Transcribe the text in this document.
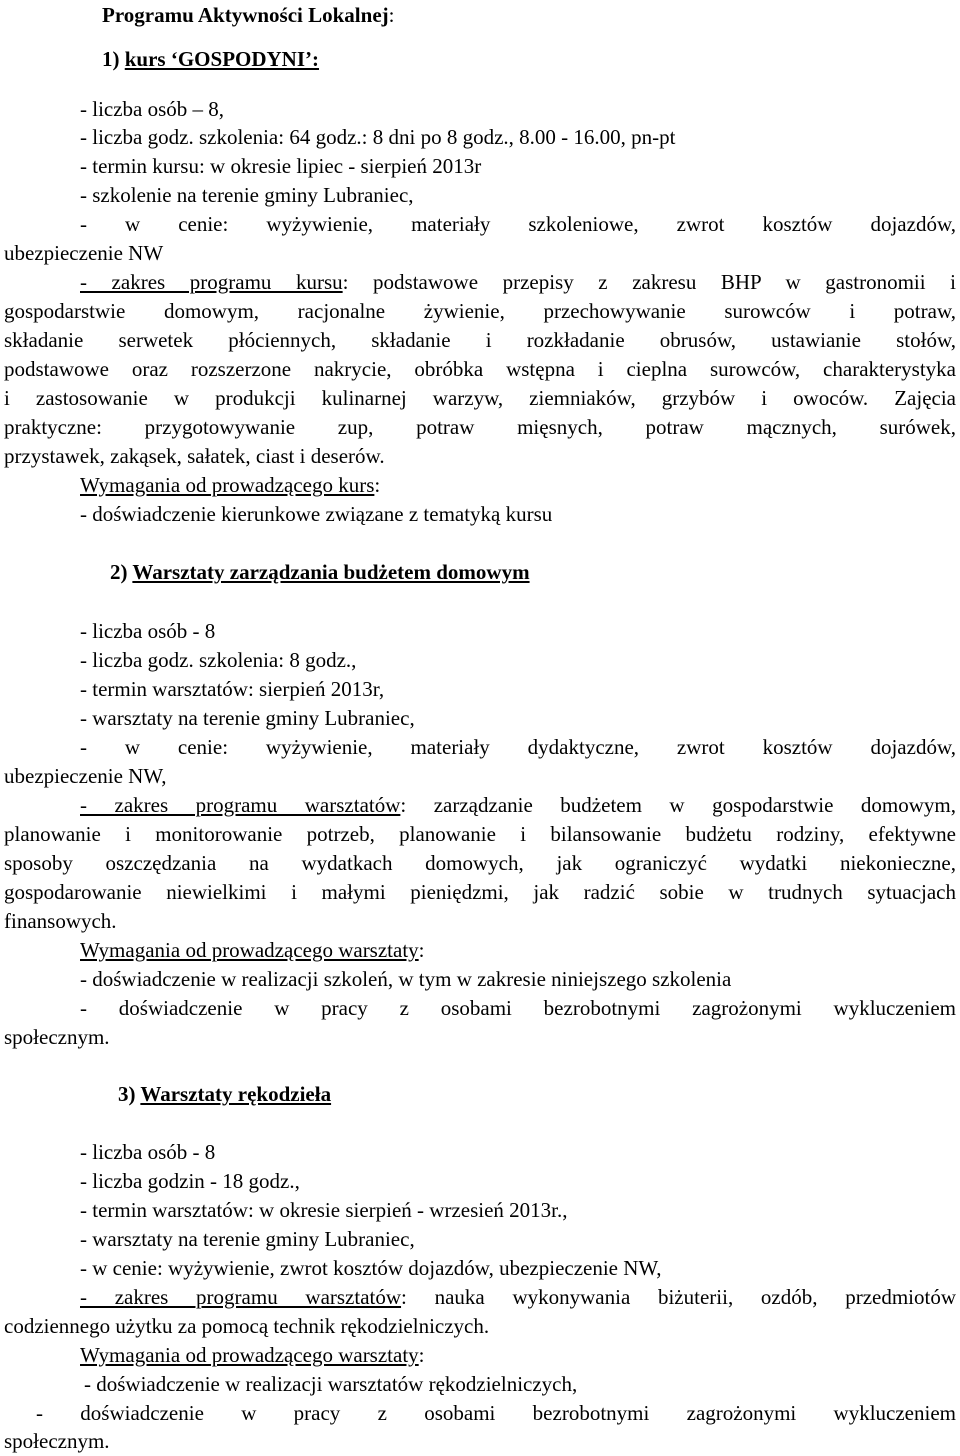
Programu Aktywności Lokalnej:
1) kurs ‘GOSPODYNI’:
- liczba osób – 8,
- liczba godz. szkolenia: 64 godz.: 8 dni po 8 godz., 8.00 - 16.00, pn-pt
- termin kursu: w okresie lipiec - sierpień 2013r
- szkolenie na terenie gminy Lubraniec,
- w cenie: wyżywienie, materiały szkoleniowe, zwrot kosztów dojazdów,
ubezpieczenie NW
- zakres programu kursu: podstawowe przepisy z zakresu BHP w gastronomii i
gospodarstwie domowym, racjonalne żywienie, przechowywanie surowców i potraw,
składanie serwetek płóciennych, składanie i rozkładanie obrusów, ustawianie stołów,
podstawowe oraz rozszerzone nakrycie, obróbka wstępna i cieplna surowców, charakterystyka
i zastosowanie w produkcji kulinarnej warzyw, ziemniaków, grzybów i owoców. Zajęcia
praktyczne: przygotowywanie zup, potraw mięsnych, potraw mącznych, surówek,
przystawek, zakąsek, sałatek, ciast i deserów.
Wymagania od prowadzącego kurs:
- doświadczenie kierunkowe związane z tematyką kursu
2) Warsztaty zarządzania budżetem domowym
- liczba osób - 8
- liczba godz. szkolenia: 8 godz.,
- termin warsztatów: sierpień 2013r,
- warsztaty na terenie gminy Lubraniec,
- w cenie: wyżywienie, materiały dydaktyczne, zwrot kosztów dojazdów,
ubezpieczenie NW,
- zakres programu warsztatów: zarządzanie budżetem w gospodarstwie domowym,
planowanie i monitorowanie potrzeb, planowanie i bilansowanie budżetu rodziny, efektywne
sposoby oszczędzania na wydatkach domowych, jak ograniczyć wydatki niekonieczne,
gospodarowanie niewielkimi i małymi pieniędzmi, jak radzić sobie w trudnych sytuacjach
finansowych.
Wymagania od prowadzącego warsztaty:
- doświadczenie w realizacji szkoleń, w tym w zakresie niniejszego szkolenia
- doświadczenie w pracy z osobami bezrobotnymi zagrożonymi wykluczeniem
społecznym.
3) Warsztaty rękodzieła
- liczba osób - 8
- liczba godzin - 18 godz.,
- termin warsztatów: w okresie sierpień - wrzesień 2013r.,
- warsztaty na terenie gminy Lubraniec,
- w cenie: wyżywienie, zwrot kosztów dojazdów, ubezpieczenie NW,
- zakres programu warsztatów: nauka wykonywania biżuterii, ozdób, przedmiotów
codziennego użytku za pomocą technik rękodzielniczych.
Wymagania od prowadzącego warsztaty:
- doświadczenie w realizacji warsztatów rękodzielniczych,
- doświadczenie w pracy z osobami bezrobotnymi zagrożonymi wykluczeniem
społecznym.
